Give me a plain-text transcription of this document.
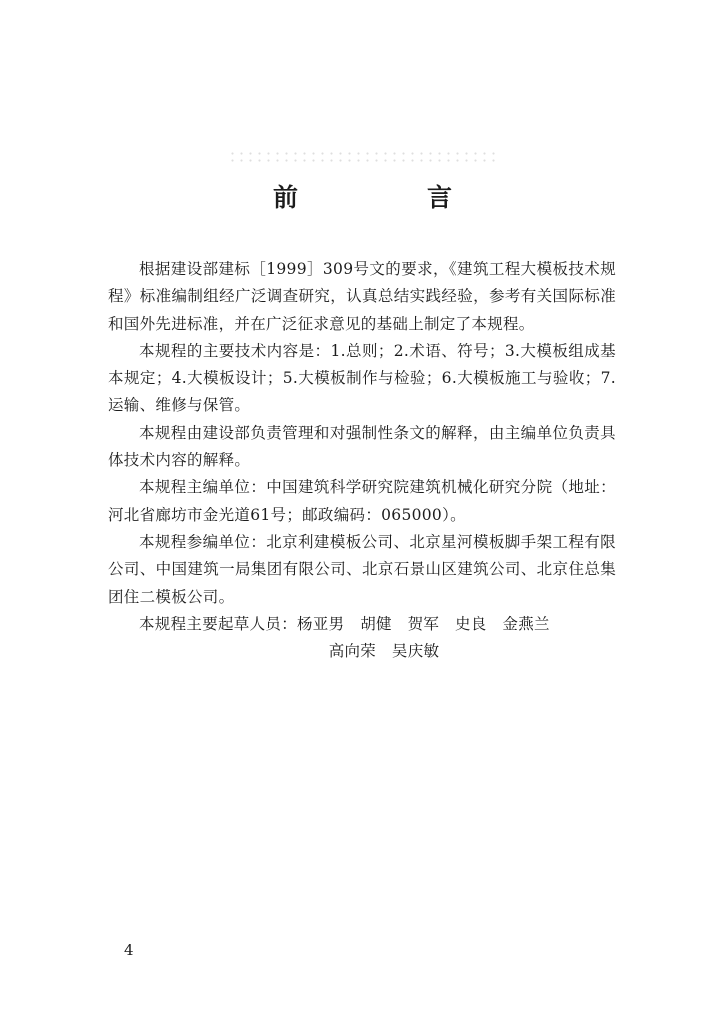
前　言

根据建设部建标［1999］309号文的要求，《建筑工程大模板技术规程》标准编制组经广泛调查研究，认真总结实践经验，参考有关国际标准和国外先进标准，并在广泛征求意见的基础上制定了本规程。

本规程的主要技术内容是：1.总则；2.术语、符号；3.大模板组成基本规定；4.大模板设计；5.大模板制作与检验；6.大模板施工与验收；7.运输、维修与保管。

本规程由建设部负责管理和对强制性条文的解释，由主编单位负责具体技术内容的解释。

本规程主编单位：中国建筑科学研究院建筑机械化研究分院（地址：河北省廊坊市金光道61号；邮政编码：065000）。

本规程参编单位：北京利建模板公司、北京星河模板脚手架工程有限公司、中国建筑一局集团有限公司、北京石景山区建筑公司、北京住总集团住二模板公司。

本规程主要起草人员：杨亚男　胡健　贺军　史良　金燕兰

高向荣　吴庆敏

4
